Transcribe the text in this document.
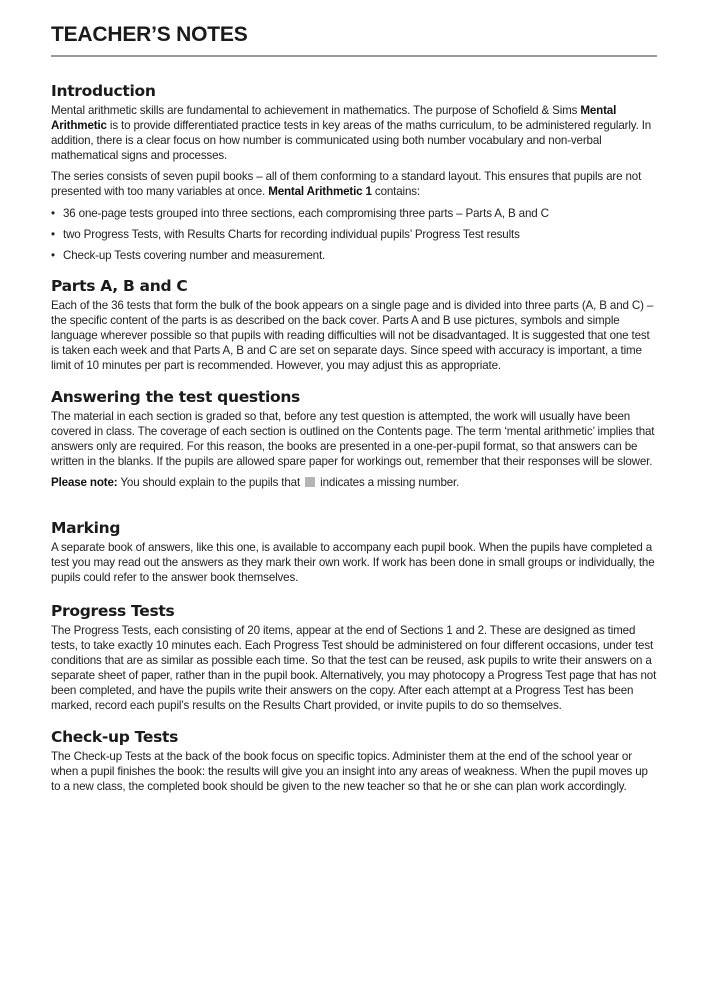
TEACHER’S NOTES
Introduction

Mental arithmetic skills are fundamental to achievement in mathematics. The purpose of Schofield & Sims Mental Arithmetic is to provide differentiated practice tests in key areas of the maths curriculum, to be administered regularly. In addition, there is a clear focus on how number is communicated using both number vocabulary and non-verbal mathematical signs and processes.

The series consists of seven pupil books – all of them conforming to a standard layout. This ensures that pupils are not presented with too many variables at once. Mental Arithmetic 1 contains:

• 36 one-page tests grouped into three sections, each compromising three parts – Parts A, B and C
• two Progress Tests, with Results Charts for recording individual pupils’ Progress Test results
• Check-up Tests covering number and measurement.
Parts A, B and C

Each of the 36 tests that form the bulk of the book appears on a single page and is divided into three parts (A, B and C) – the specific content of the parts is as described on the back cover. Parts A and B use pictures, symbols and simple language wherever possible so that pupils with reading difficulties will not be disadvantaged. It is suggested that one test is taken each week and that Parts A, B and C are set on separate days. Since speed with accuracy is important, a time limit of 10 minutes per part is recommended. However, you may adjust this as appropriate.

Answering the test questions

The material in each section is graded so that, before any test question is attempted, the work will usually have been covered in class. The coverage of each section is outlined on the Contents page. The term ‘mental arithmetic’ implies that answers only are required. For this reason, the books are presented in a one-per-pupil format, so that answers can be written in the blanks. If the pupils are allowed spare paper for workings out, remember that their responses will be slower.

Please note: You should explain to the pupils that  indicates a missing number.

Marking

A separate book of answers, like this one, is available to accompany each pupil book. When the pupils have completed a test you may read out the answers as they mark their own work. If work has been done in small groups or individually, the pupils could refer to the answer book themselves.

Progress Tests

The Progress Tests, each consisting of 20 items, appear at the end of Sections 1 and 2. These are designed as timed tests, to take exactly 10 minutes each. Each Progress Test should be administered on four different occasions, under test conditions that are as similar as possible each time. So that the test can be reused, ask pupils to write their answers on a separate sheet of paper, rather than in the pupil book. Alternatively, you may photocopy a Progress Test page that has not been completed, and have the pupils write their answers on the copy. After each attempt at a Progress Test has been marked, record each pupil’s results on the Results Chart provided, or invite pupils to do so themselves.

Check-up Tests

The Check-up Tests at the back of the book focus on specific topics. Administer them at the end of the school year or when a pupil finishes the book: the results will give you an insight into any areas of weakness. When the pupil moves up to a new class, the completed book should be given to the new teacher so that he or she can plan work accordingly.
